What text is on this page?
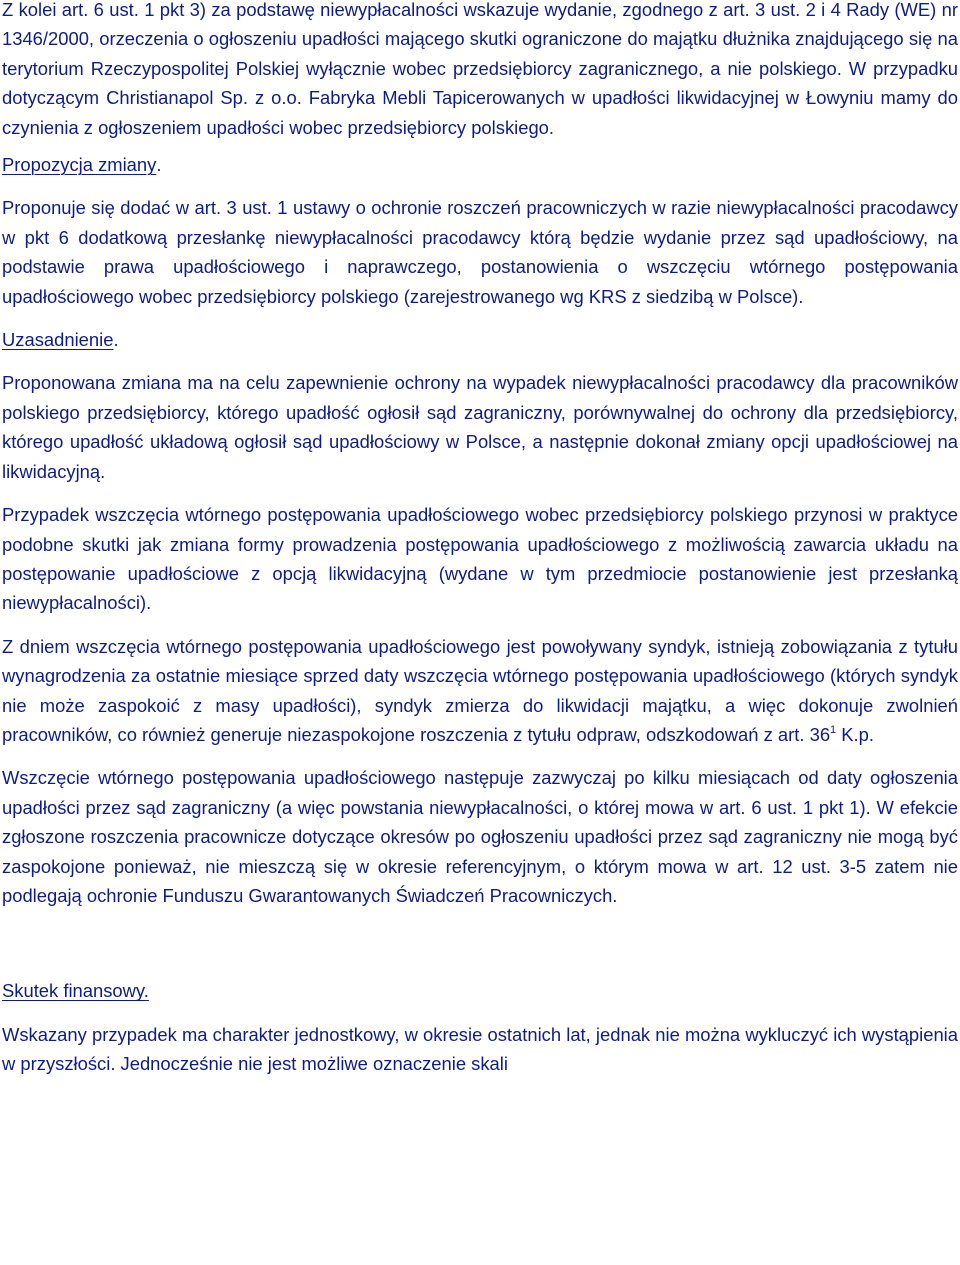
Z kolei art. 6 ust. 1 pkt 3) za podstawę niewypłacalności wskazuje wydanie, zgodnego z art. 3 ust. 2 i 4 Rady (WE) nr 1346/2000, orzeczenia o ogłoszeniu upadłości mającego skutki ograniczone do majątku dłużnika znajdującego się na terytorium Rzeczypospolitej Polskiej wyłącznie wobec przedsiębiorcy zagranicznego, a nie polskiego. W przypadku dotyczącym Christianapol Sp. z o.o. Fabryka Mebli Tapicerowanych w upadłości likwidacyjnej w Łowyniu mamy do czynienia z ogłoszeniem upadłości wobec przedsiębiorcy polskiego.

Propozycja zmiany.

Proponuje się dodać w art. 3 ust. 1 ustawy o ochronie roszczeń pracowniczych w razie niewypłacalności pracodawcy w pkt 6 dodatkową przesłankę niewypłacalności pracodawcy którą będzie wydanie przez sąd upadłościowy, na podstawie prawa upadłościowego i naprawczego, postanowienia o wszczęciu wtórnego postępowania upadłościowego wobec przedsiębiorcy polskiego (zarejestrowanego wg KRS z siedzibą w Polsce).

Uzasadnienie.

Proponowana zmiana ma na celu zapewnienie ochrony na wypadek niewypłacalności pracodawcy dla pracowników polskiego przedsiębiorcy, którego upadłość ogłosił sąd zagraniczny, porównywalnej do ochrony dla przedsiębiorcy, którego upadłość układową ogłosił sąd upadłościowy w Polsce, a następnie dokonał zmiany opcji upadłościowej na likwidacyjną.

Przypadek wszczęcia wtórnego postępowania upadłościowego wobec przedsiębiorcy polskiego przynosi w praktyce podobne skutki jak zmiana formy prowadzenia postępowania upadłościowego z możliwością zawarcia układu na postępowanie upadłościowe z opcją likwidacyjną (wydane w tym przedmiocie postanowienie jest przesłanką niewypłacalności).

Z dniem wszczęcia wtórnego postępowania upadłościowego jest powoływany syndyk, istnieją zobowiązania z tytułu wynagrodzenia za ostatnie miesiące sprzed daty wszczęcia wtórnego postępowania upadłościowego (których syndyk nie może zaspokoić z masy upadłości), syndyk zmierza do likwidacji majątku, a więc dokonuje zwolnień pracowników, co również generuje niezaspokojone roszczenia z tytułu odpraw, odszkodowań z art. $36^1$ K.p.

Wszczęcie wtórnego postępowania upadłościowego następuje zazwyczaj po kilku miesiącach od daty ogłoszenia upadłości przez sąd zagraniczny (a więc powstania niewypłacalności, o której mowa w art. 6 ust. 1 pkt 1). W efekcie zgłoszone roszczenia pracownicze dotyczące okresów po ogłoszeniu upadłości przez sąd zagraniczny nie mogą być zaspokojone ponieważ, nie mieszczą się w okresie referencyjnym, o którym mowa w art. 12 ust. 3-5 zatem nie podlegają ochronie Funduszu Gwarantowanych Świadczeń Pracowniczych.

Skutek finansowy.

Wskazany przypadek ma charakter jednostkowy, w okresie ostatnich lat, jednak nie można wykluczyć ich wystąpienia w przyszłości. Jednocześnie nie jest możliwe oznaczenie skali
